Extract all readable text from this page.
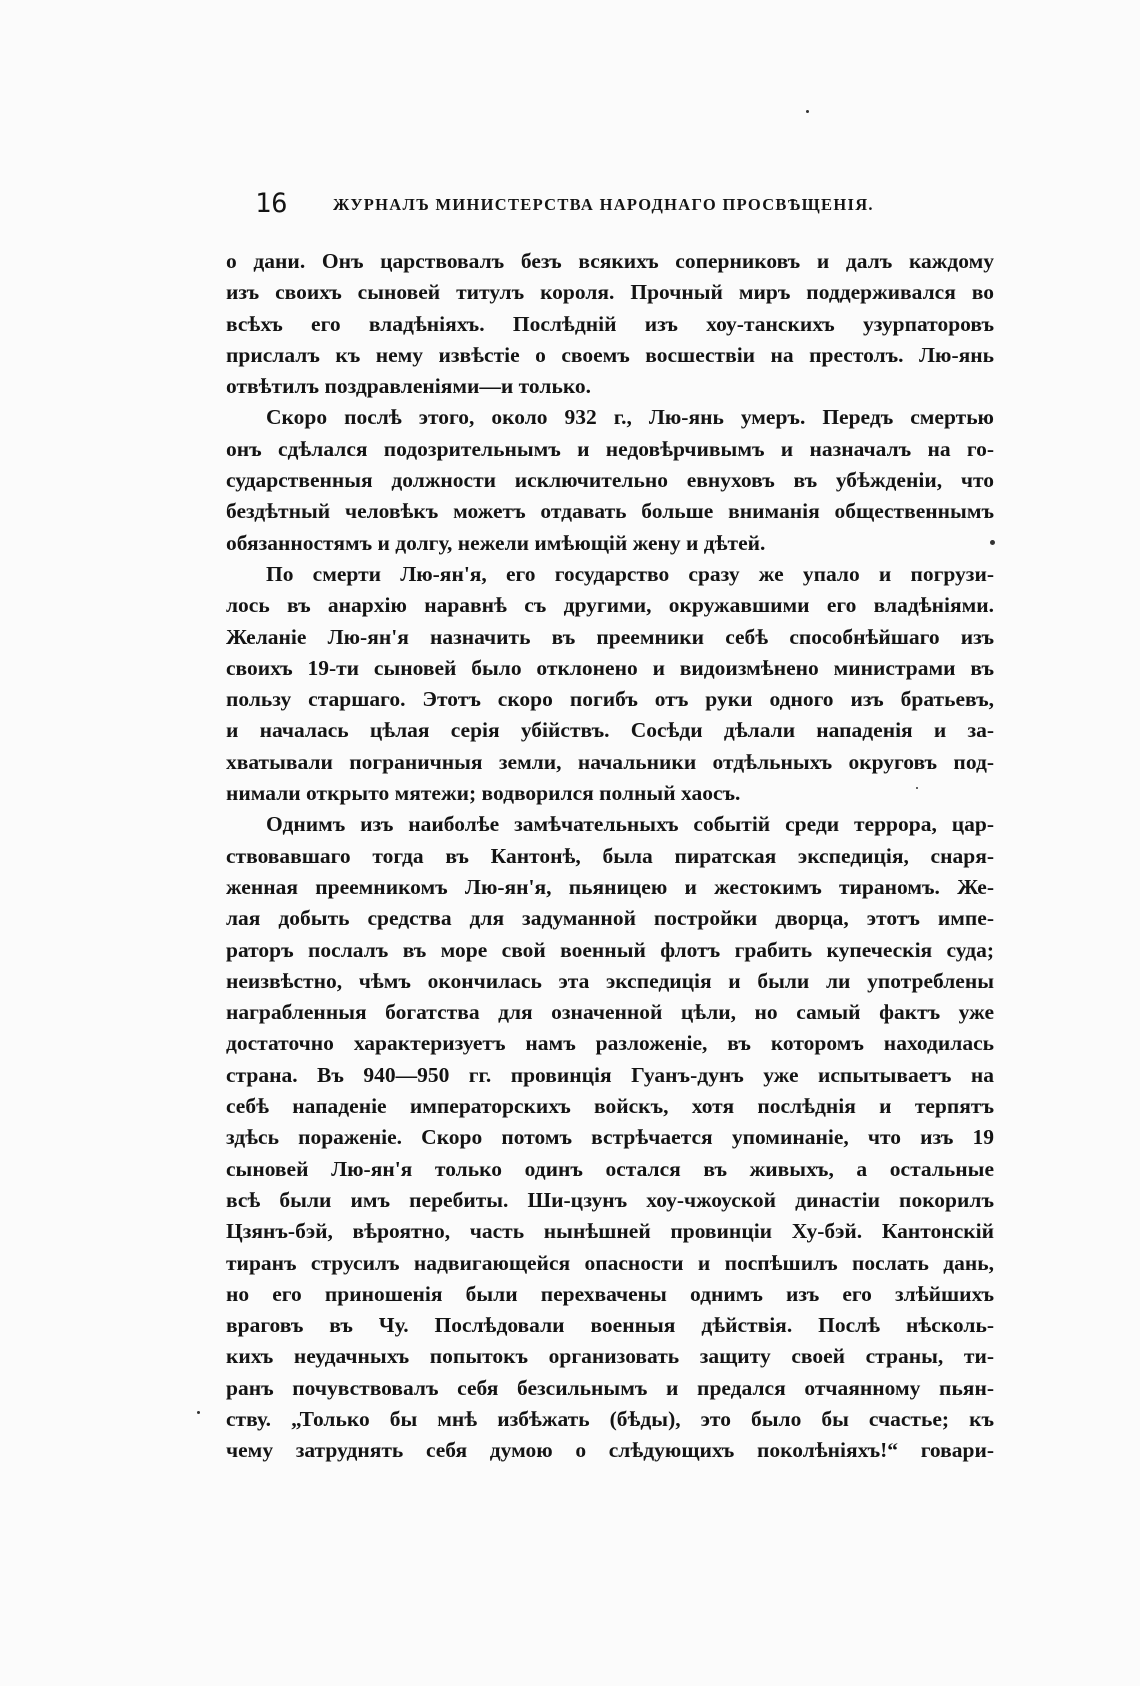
16	ЖУРНАЛЪ МИНИСТЕРСТВА НАРОДНАГО ПРОСВѢЩЕНІЯ.
о дани. Онъ царствовалъ безъ всякихъ соперниковъ и далъ каждому
изъ своихъ сыновей титулъ короля. Прочный миръ поддерживался во
всѣхъ его владѣніяхъ. Послѣдній изъ хоу-танскихъ узурпаторовъ
прислалъ къ нему извѣстіе о своемъ восшествіи на престолъ. Лю-янь
отвѣтилъ поздравленіями—и только.
Скоро послѣ этого, около 932 г., Лю-янь умеръ. Передъ смертью
онъ сдѣлался подозрительнымъ и недовѣрчивымъ и назначалъ на го-
сударственныя должности исключительно евнуховъ въ убѣжденіи, что
бездѣтный человѣкъ можетъ отдавать больше вниманія общественнымъ
обязанностямъ и долгу, нежели имѣющій жену и дѣтей.
По смерти Лю-ян'я, его государство сразу же упало и погрузи-
лось въ анархію наравнѣ съ другими, окружавшими его владѣніями.
Желаніе Лю-ян'я назначить въ преемники себѣ способнѣйшаго изъ
своихъ 19-ти сыновей было отклонено и видоизмѣнено министрами въ
пользу старшаго. Этотъ скоро погибъ отъ руки одного изъ братьевъ,
и началась цѣлая серія убійствъ. Сосѣди дѣлали нападенія и за-
хватывали пограничныя земли, начальники отдѣльныхъ округовъ под-
нимали открыто мятежи; водворился полный хаосъ.
Однимъ изъ наиболѣе замѣчательныхъ событій среди террора, цар-
ствовавшаго тогда въ Кантонѣ, была пиратская экспедиція, снаря-
женная преемникомъ Лю-ян'я, пьяницею и жестокимъ тираномъ. Же-
лая добыть средства для задуманной постройки дворца, этотъ импе-
раторъ послалъ въ море свой военный флотъ грабить купеческія суда;
неизвѣстно, чѣмъ окончилась эта экспедиція и были ли употреблены
награбленныя богатства для означенной цѣли, но самый фактъ уже
достаточно характеризуетъ намъ разложеніе, въ которомъ находилась
страна. Въ 940—950 гг. провинція Гуанъ-дунъ уже испытываетъ на
себѣ нападеніе императорскихъ войскъ, хотя послѣднія и терпятъ
здѣсь пораженіе. Скоро потомъ встрѣчается упоминаніе, что изъ 19
сыновей Лю-ян'я только одинъ остался въ живыхъ, а остальные
всѣ были имъ перебиты. Ши-цзунъ хоу-чжоуской династіи покорилъ
Цзянъ-бэй, вѣроятно, часть нынѣшней провинціи Ху-бэй. Кантонскій
тиранъ струсилъ надвигающейся опасности и поспѣшилъ послать дань,
но его приношенія были перехвачены однимъ изъ его злѣйшихъ
враговъ въ Чу. Послѣдовали военныя дѣйствія. Послѣ нѣсколь-
кихъ неудачныхъ попытокъ организовать защиту своей страны, ти-
ранъ почувствовалъ себя безсильнымъ и предался отчаянному пьян-
ству. „Только бы мнѣ избѣжать (бѣды), это было бы счастье; къ
чему затруднять себя думою о слѣдующихъ поколѣніяхъ!“ говари-
